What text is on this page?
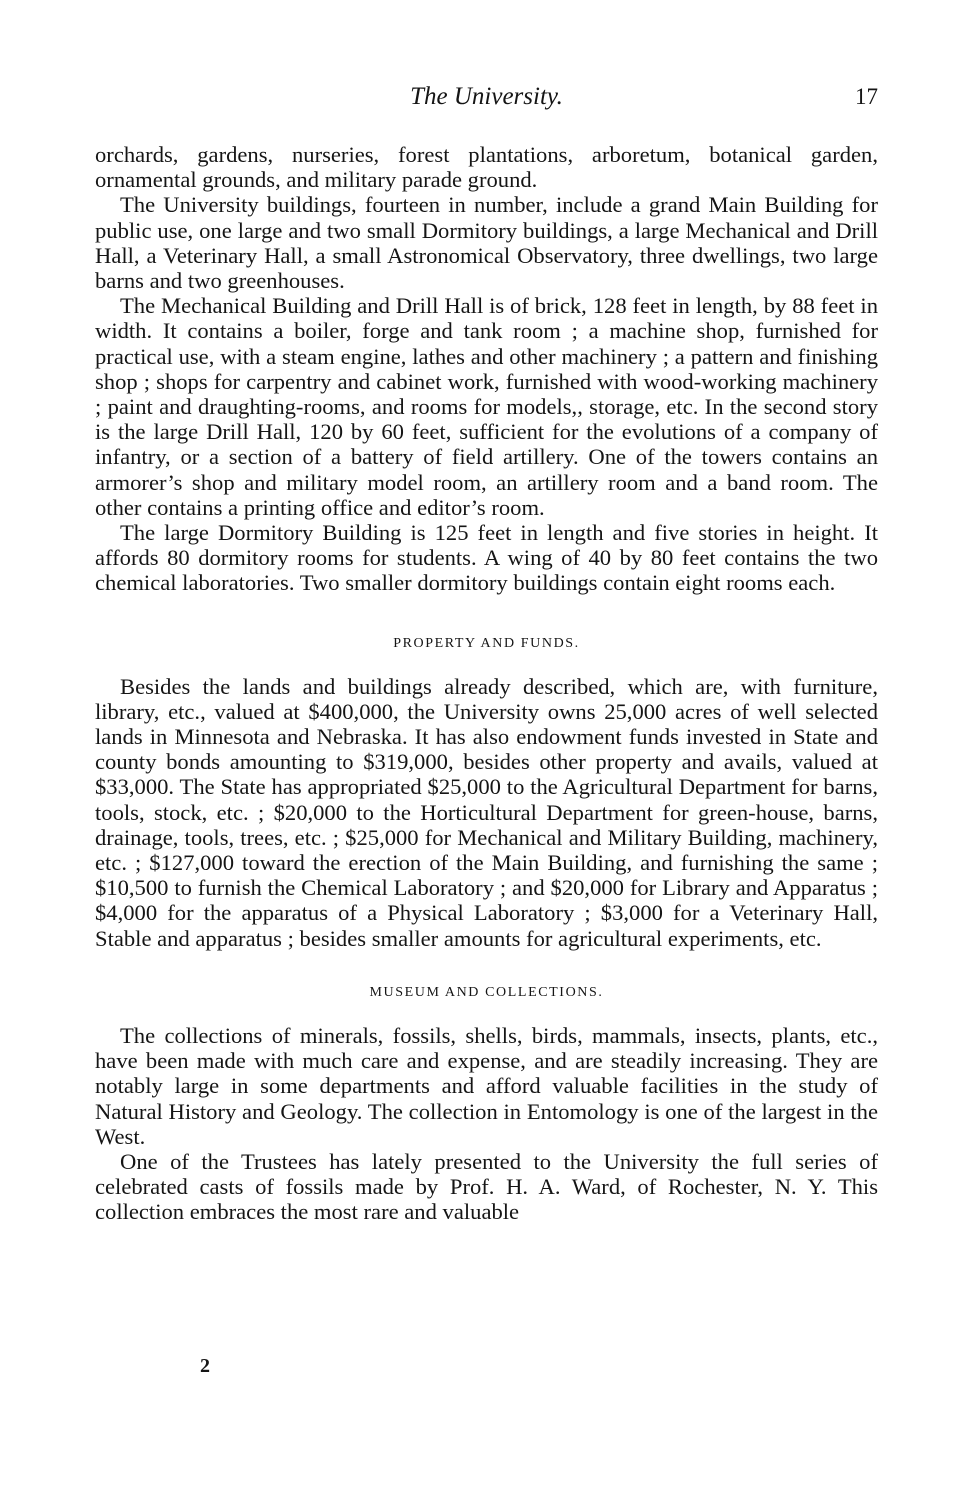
The University.	17

orchards, gardens, nurseries, forest plantations, arboretum, botanical garden, ornamental grounds, and military parade ground.

The University buildings, fourteen in number, include a grand Main Building for public use, one large and two small Dormitory buildings, a large Mechanical and Drill Hall, a Veterinary Hall, a small Astronomical Observatory, three dwellings, two large barns and two greenhouses.

The Mechanical Building and Drill Hall is of brick, 128 feet in length, by 88 feet in width. It contains a boiler, forge and tank room ; a machine shop, furnished for practical use, with a steam engine, lathes and other machinery ; a pattern and finishing shop ; shops for carpentry and cabinet work, furnished with wood-working machinery ; paint and draughting-rooms, and rooms for models,, storage, etc. In the second story is the large Drill Hall, 120 by 60 feet, sufficient for the evolutions of a company of infantry, or a section of a battery of field artillery. One of the towers contains an armorer’s shop and military model room, an artillery room and a band room. The other contains a printing office and editor’s room.

The large Dormitory Building is 125 feet in length and five stories in height. It affords 80 dormitory rooms for students. A wing of 40 by 80 feet contains the two chemical laboratories. Two smaller dormitory buildings contain eight rooms each.

PROPERTY AND FUNDS.

Besides the lands and buildings already described, which are, with furniture, library, etc., valued at $400,000, the University owns 25,000 acres of well selected lands in Minnesota and Nebraska. It has also endowment funds invested in State and county bonds amounting to $319,000, besides other property and avails, valued at $33,000. The State has appropriated $25,000 to the Agricultural Department for barns, tools, stock, etc. ; $20,000 to the Horticultural Department for green-house, barns, drainage, tools, trees, etc. ; $25,000 for Mechanical and Military Building, machinery, etc. ; $127,000 toward the erection of the Main Building, and furnishing the same ; $10,500 to furnish the Chemical Laboratory ; and $20,000 for Library and Apparatus ; $4,000 for the apparatus of a Physical Laboratory ; $3,000 for a Veterinary Hall, Stable and apparatus ; besides smaller amounts for agricultural experiments, etc.

MUSEUM AND COLLECTIONS.

The collections of minerals, fossils, shells, birds, mammals, insects, plants, etc., have been made with much care and expense, and are steadily increasing. They are notably large in some departments and afford valuable facilities in the study of Natural History and Geology. The collection in Entomology is one of the largest in the West.

One of the Trustees has lately presented to the University the full series of celebrated casts of fossils made by Prof. H. A. Ward, of Rochester, N. Y. This collection embraces the most rare and valuable

2
